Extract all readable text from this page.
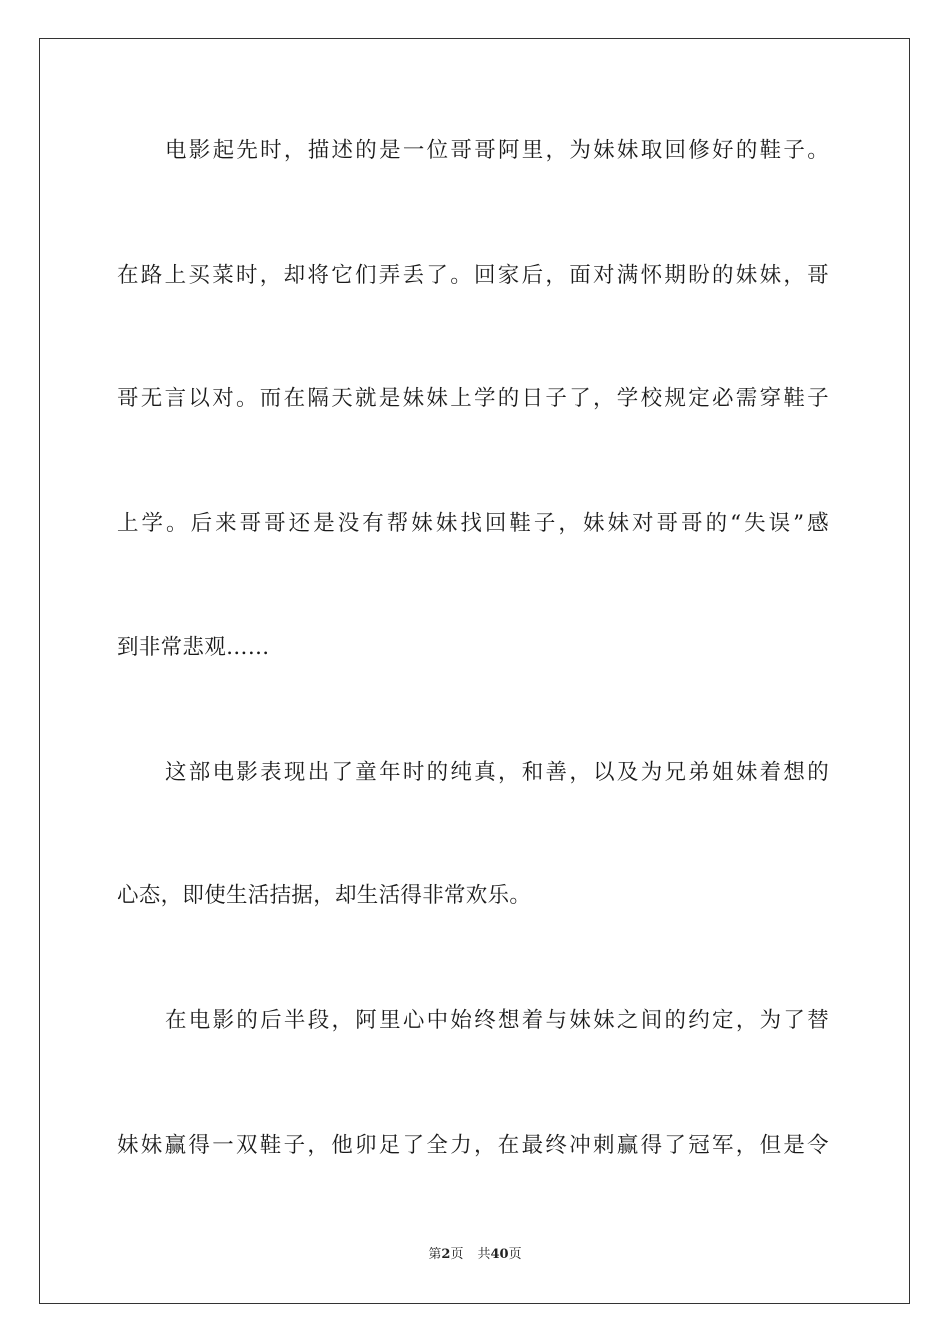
电影起先时，描述的是一位哥哥阿里，为妹妹取回修好的鞋子。
在路上买菜时，却将它们弄丢了。回家后，面对满怀期盼的妹妹，哥
哥无言以对。而在隔天就是妹妹上学的日子了，学校规定必需穿鞋子
上学。后来哥哥还是没有帮妹妹找回鞋子，妹妹对哥哥的“失误”感
到非常悲观……
这部电影表现出了童年时的纯真，和善，以及为兄弟姐妹着想的
心态，即使生活拮据，却生活得非常欢乐。
在电影的后半段，阿里心中始终想着与妹妹之间的约定，为了替
妹妹赢得一双鞋子，他卯足了全力，在最终冲刺赢得了冠军，但是令
第2页 共40页
